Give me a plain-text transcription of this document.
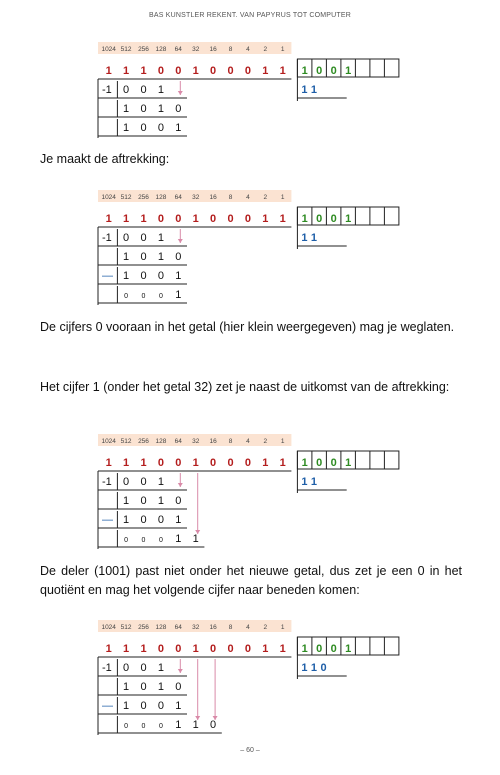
BAS KUNSTLER REKENT. VAN PAPYRUS TOT COMPUTER
1024 512 256 128 64 32 16 8 4 2 1
1 1 1 0 0 1 0 0 0 1 1 1 0 0 1
1 1
- 1 0 0 1
1 0 1 0
1 0 0 1
Je maakt de aftrekking:
1024 512 256 128 64 32 16 8 4 2 1
1 1 1 0 0 1 0 0 0 1 1 1 0 0 1
1 1
- 1 0 0 1
1 0 1 0
— 1 0 0 1
0 0 0 1
De cijfers 0 vooraan in het getal (hier klein weergegeven) mag je weglaten.
Het cijfer 1 (onder het getal 32) zet je naast de uitkomst van de aftrekking:
1024 512 256 128 64 32 16 8 4 2 1
1 1 1 0 0 1 0 0 0 1 1 1 0 0 1
1 1
- 1 0 0 1
1 0 1 0
— 1 0 0 1
0 0 0 1 1
De deler (1001) past niet onder het nieuwe getal, dus zet je een 0 in het quotiënt en mag het volgende cijfer naar beneden komen:
1024 512 256 128 64 32 16 8 4 2 1
1 1 1 0 0 1 0 0 0 1 1 1 0 0 1
1 1 0
- 1 0 0 1
1 0 1 0
— 1 0 0 1
0 0 0 1 1 0
– 60 –
